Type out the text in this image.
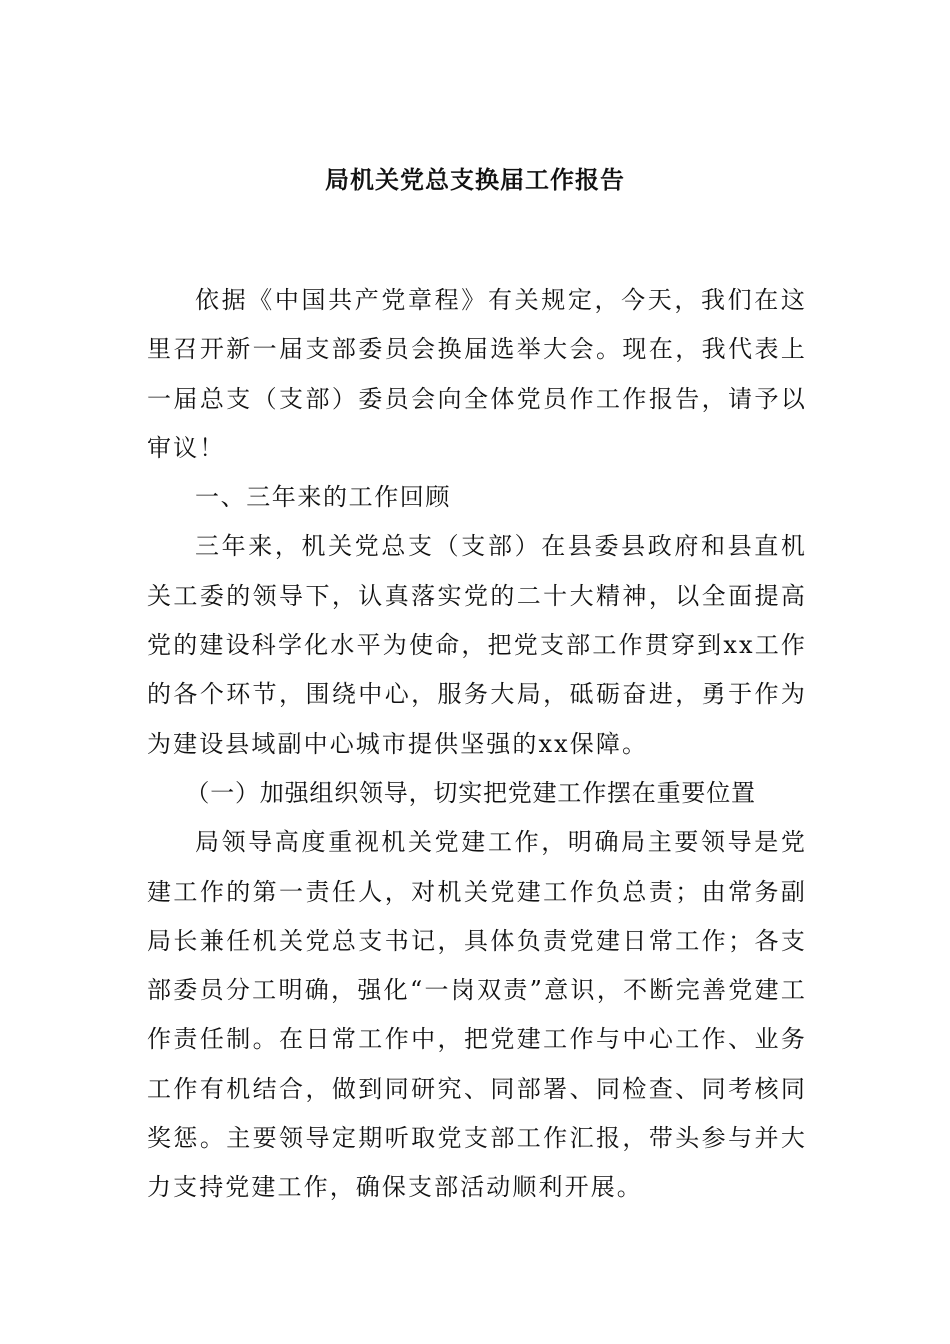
局机关党总支换届工作报告

依据《中国共产党章程》有关规定，今天，我们在这里召开新一届支部委员会换届选举大会。现在，我代表上一届总支（支部）委员会向全体党员作工作报告，请予以审议！

一、三年来的工作回顾

三年来，机关党总支（支部）在县委县政府和县直机关工委的领导下，认真落实党的二十大精神，以全面提高党的建设科学化水平为使命，把党支部工作贯穿到xx工作的各个环节，围绕中心，服务大局，砥砺奋进，勇于作为为建设县域副中心城市提供坚强的xx保障。

（一）加强组织领导，切实把党建工作摆在重要位置

局领导高度重视机关党建工作，明确局主要领导是党建工作的第一责任人，对机关党建工作负总责；由常务副局长兼任机关党总支书记，具体负责党建日常工作；各支部委员分工明确，强化“一岗双责”意识，不断完善党建工作责任制。在日常工作中，把党建工作与中心工作、业务工作有机结合，做到同研究、同部署、同检查、同考核同奖惩。主要领导定期听取党支部工作汇报，带头参与并大力支持党建工作，确保支部活动顺利开展。
